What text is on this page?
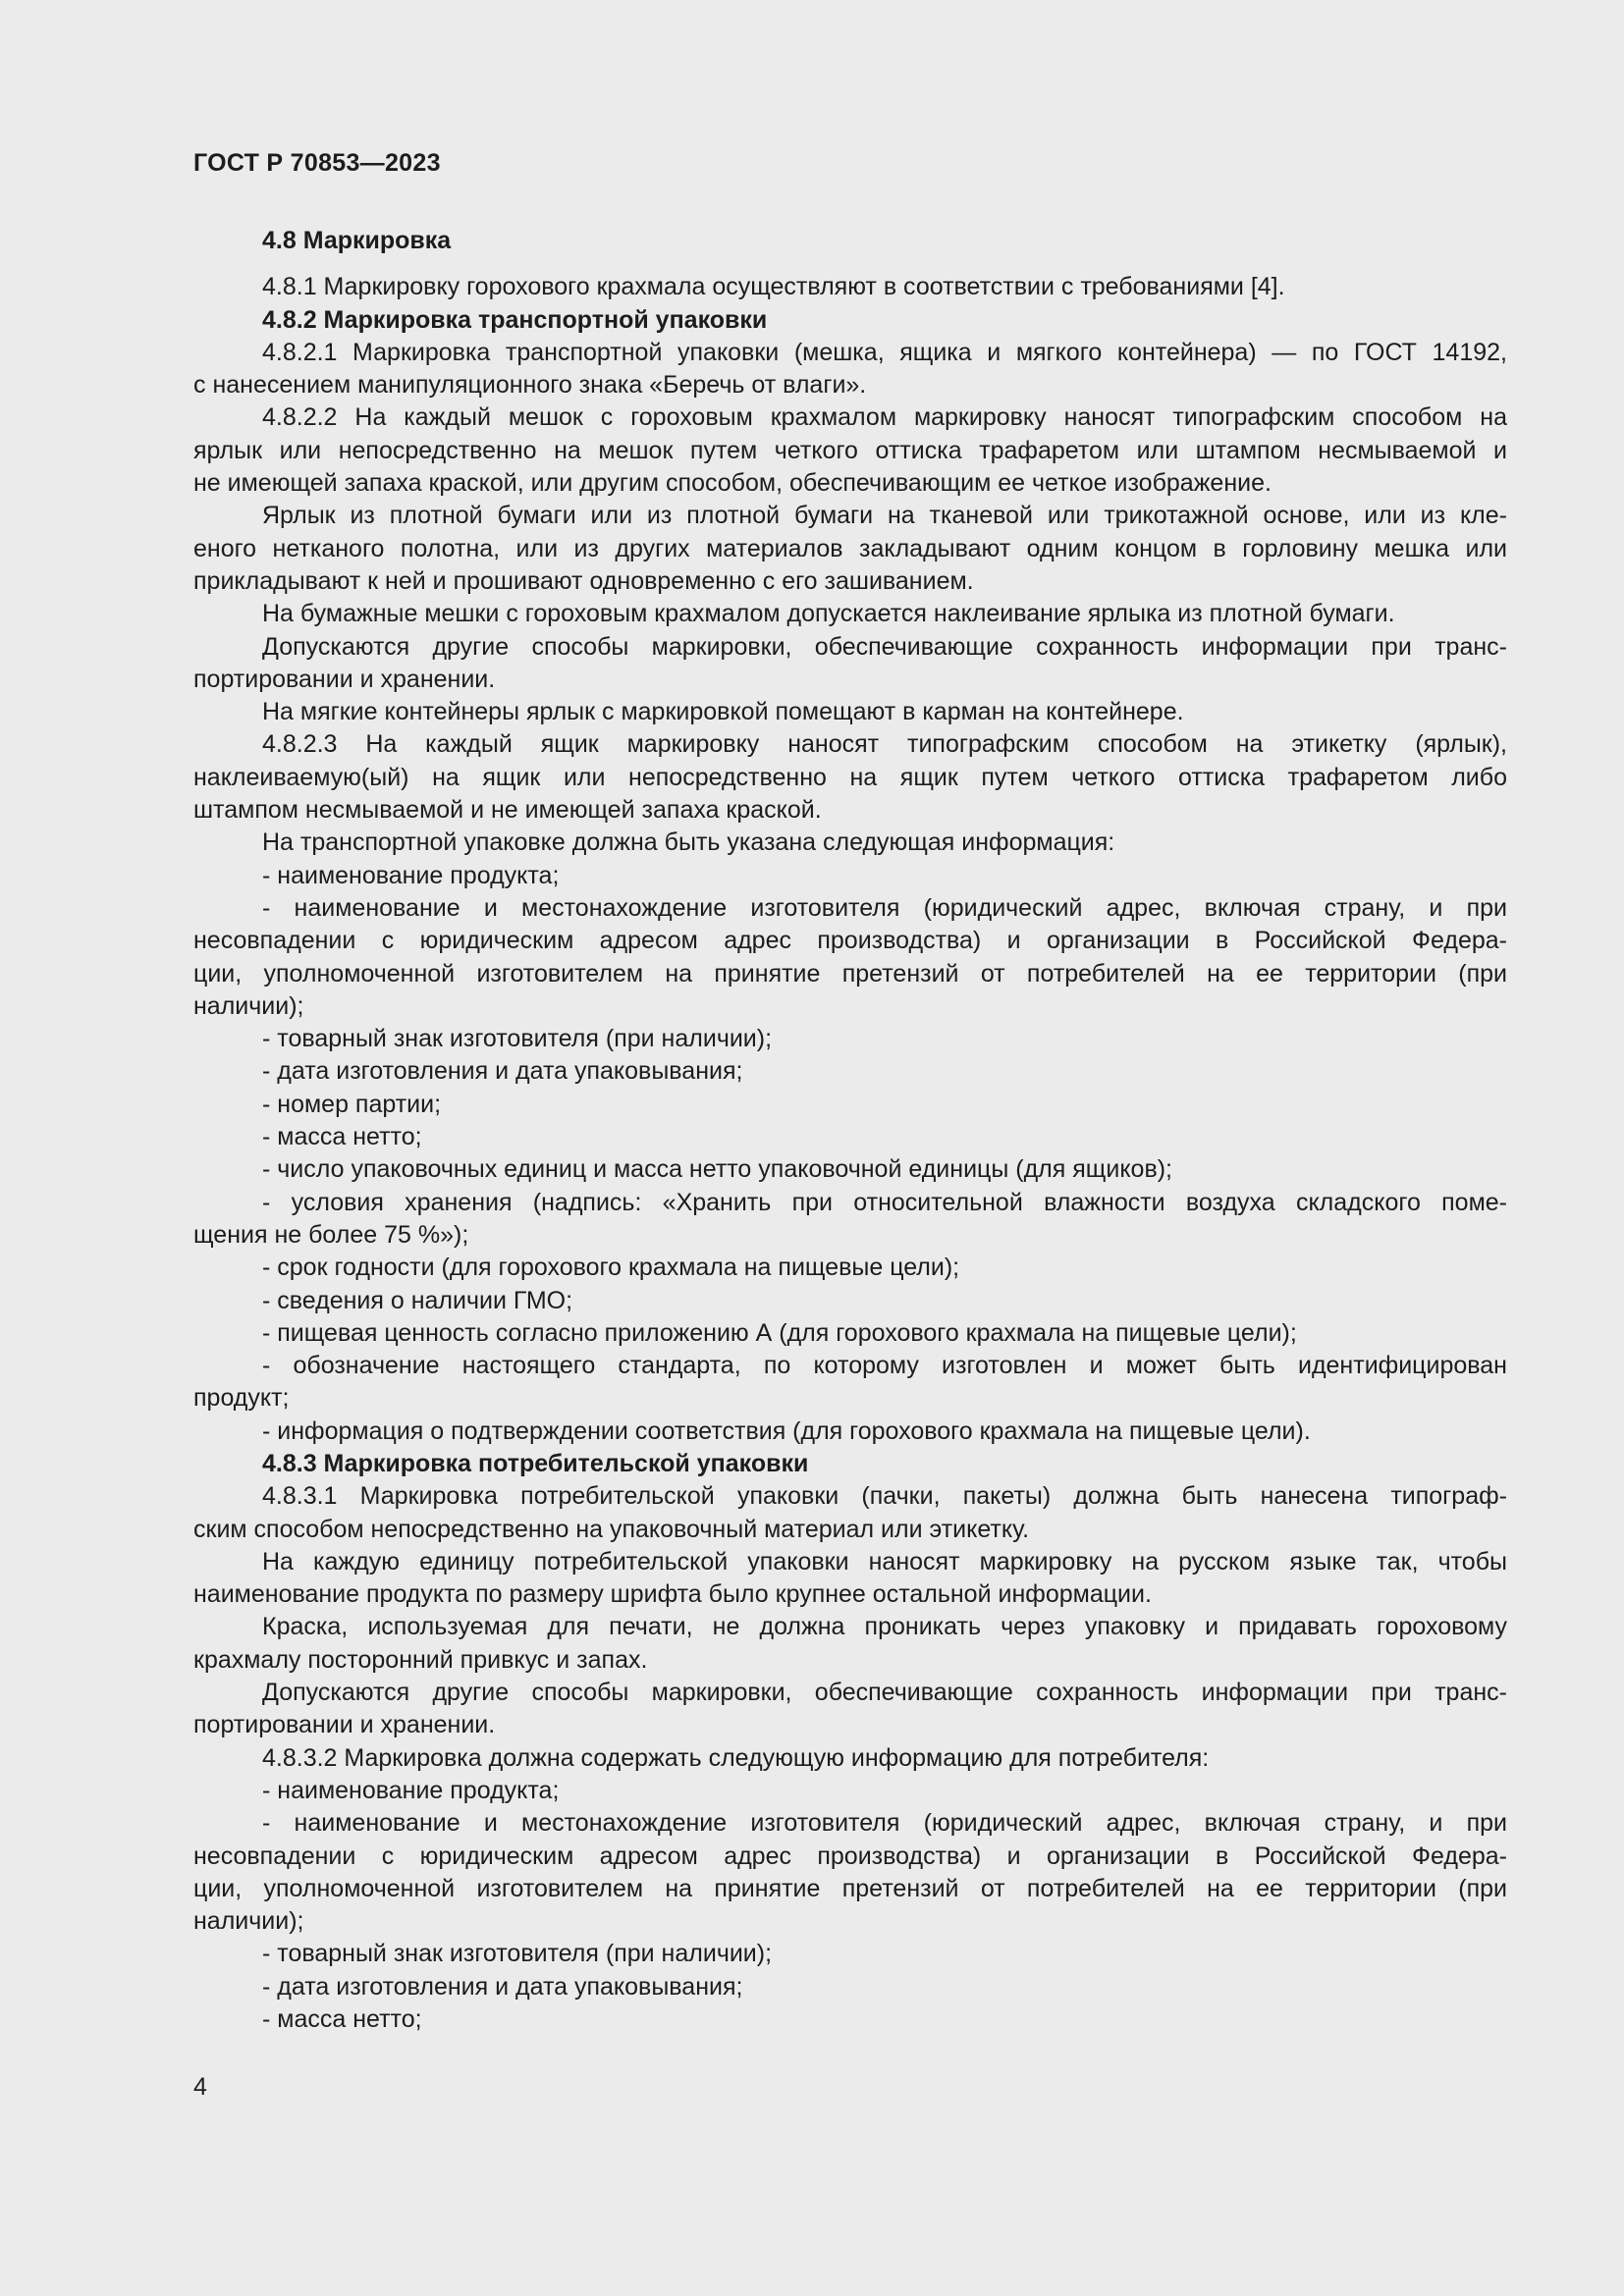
ГОСТ Р 70853—2023
4.8 Маркировка
4.8.1 Маркировку горохового крахмала осуществляют в соответствии с требованиями [4].
4.8.2 Маркировка транспортной упаковки
4.8.2.1 Маркировка транспортной упаковки (мешка, ящика и мягкого контейнера) — по ГОСТ 14192,
с нанесением манипуляционного знака «Беречь от влаги».
4.8.2.2 На каждый мешок с гороховым крахмалом маркировку наносят типографским способом на
ярлык или непосредственно на мешок путем четкого оттиска трафаретом или штампом несмываемой и
не имеющей запаха краской, или другим способом, обеспечивающим ее четкое изображение.
Ярлык из плотной бумаги или из плотной бумаги на тканевой или трикотажной основе, или из кле-
еного нетканого полотна, или из других материалов закладывают одним концом в горловину мешка или
прикладывают к ней и прошивают одновременно с его зашиванием.
На бумажные мешки с гороховым крахмалом допускается наклеивание ярлыка из плотной бумаги.
Допускаются другие способы маркировки, обеспечивающие сохранность информации при транс-
портировании и хранении.
На мягкие контейнеры ярлык с маркировкой помещают в карман на контейнере.
4.8.2.3 На каждый ящик маркировку наносят типографским способом на этикетку (ярлык),
наклеиваемую(ый) на ящик или непосредственно на ящик путем четкого оттиска трафаретом либо
штампом несмываемой и не имеющей запаха краской.
На транспортной упаковке должна быть указана следующая информация:
- наименование продукта;
- наименование и местонахождение изготовителя (юридический адрес, включая страну, и при
несовпадении с юридическим адресом адрес производства) и организации в Российской Федера-
ции, уполномоченной изготовителем на принятие претензий от потребителей на ее территории (при
наличии);
- товарный знак изготовителя (при наличии);
- дата изготовления и дата упаковывания;
- номер партии;
- масса нетто;
- число упаковочных единиц и масса нетто упаковочной единицы (для ящиков);
- условия хранения (надпись: «Хранить при относительной влажности воздуха складского поме-
щения не более 75 %»);
- срок годности (для горохового крахмала на пищевые цели);
- сведения о наличии ГМО;
- пищевая ценность согласно приложению А (для горохового крахмала на пищевые цели);
- обозначение настоящего стандарта, по которому изготовлен и может быть идентифицирован
продукт;
- информация о подтверждении соответствия (для горохового крахмала на пищевые цели).
4.8.3 Маркировка потребительской упаковки
4.8.3.1 Маркировка потребительской упаковки (пачки, пакеты) должна быть нанесена типограф-
ским способом непосредственно на упаковочный материал или этикетку.
На каждую единицу потребительской упаковки наносят маркировку на русском языке так, чтобы
наименование продукта по размеру шрифта было крупнее остальной информации.
Краска, используемая для печати, не должна проникать через упаковку и придавать гороховому
крахмалу посторонний привкус и запах.
Допускаются другие способы маркировки, обеспечивающие сохранность информации при транс-
портировании и хранении.
4.8.3.2 Маркировка должна содержать следующую информацию для потребителя:
- наименование продукта;
- наименование и местонахождение изготовителя (юридический адрес, включая страну, и при
несовпадении с юридическим адресом адрес производства) и организации в Российской Федера-
ции, уполномоченной изготовителем на принятие претензий от потребителей на ее территории (при
наличии);
- товарный знак изготовителя (при наличии);
- дата изготовления и дата упаковывания;
- масса нетто;
4
